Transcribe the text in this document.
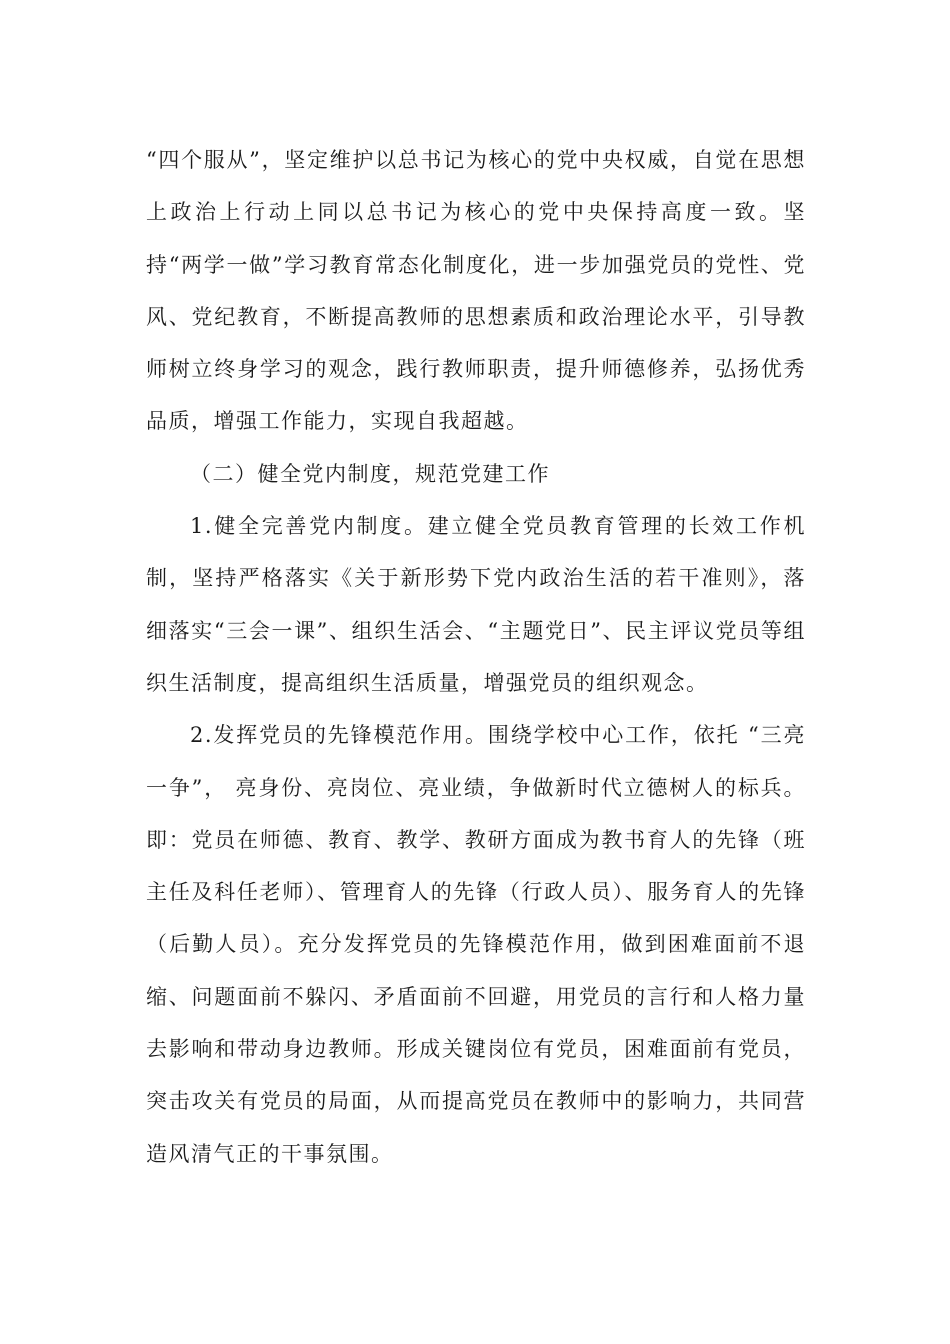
“四个服从”，坚定维护以总书记为核心的党中央权威，自觉在思想上政治上行动上同以总书记为核心的党中央保持高度一致。坚持“两学一做”学习教育常态化制度化，进一步加强党员的党性、党风、党纪教育，不断提高教师的思想素质和政治理论水平，引导教师树立终身学习的观念，践行教师职责，提升师德修养，弘扬优秀品质，增强工作能力，实现自我超越。

（二）健全党内制度，规范党建工作

1.健全完善党内制度。建立健全党员教育管理的长效工作机制，坚持严格落实《关于新形势下党内政治生活的若干准则》，落细落实“三会一课”、组织生活会、“主题党日”、民主评议党员等组织生活制度，提高组织生活质量，增强党员的组织观念。

2.发挥党员的先锋模范作用。围绕学校中心工作，依托 “三亮一争”， 亮身份、亮岗位、亮业绩，争做新时代立德树人的标兵。即：党员在师德、教育、教学、教研方面成为教书育人的先锋（班主任及科任老师）、管理育人的先锋（行政人员）、服务育人的先锋（后勤人员）。充分发挥党员的先锋模范作用，做到困难面前不退缩、问题面前不躲闪、矛盾面前不回避，用党员的言行和人格力量去影响和带动身边教师。形成关键岗位有党员，困难面前有党员，突击攻关有党员的局面，从而提高党员在教师中的影响力，共同营造风清气正的干事氛围。
